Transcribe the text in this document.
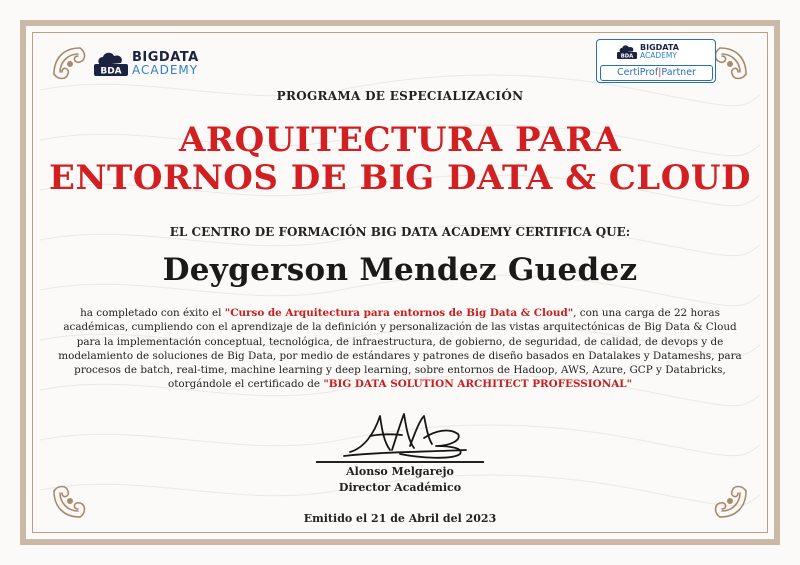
BDA
BIGDATA
ACADEMY
BDA
BIGDATA
ACADEMY
CertiProf|Partner
PROGRAMA DE ESPECIALIZACIÓN
ARQUITECTURA PARA
ENTORNOS DE BIG DATA & CLOUD
EL CENTRO DE FORMACIÓN BIG DATA ACADEMY CERTIFICA QUE:
Deygerson Mendez Guedez
ha completado con éxito el "Curso de Arquitectura para entornos de Big Data & Cloud", con una carga de 22 horas académicas, cumpliendo con el aprendizaje de la definición y personalización de las vistas arquitectónicas de Big Data & Cloud para la implementación conceptual, tecnológica, de infraestructura, de gobierno, de seguridad, de calidad, de devops y de modelamiento de soluciones de Big Data, por medio de estándares y patrones de diseño basados en Datalakes y Datameshs, para procesos de batch, real-time, machine learning y deep learning, sobre entornos de Hadoop, AWS, Azure, GCP y Databricks, otorgándole el certificado de "BIG DATA SOLUTION ARCHITECT PROFESSIONAL"
Alonso Melgarejo
Director Académico
Emitido el 21 de Abril del 2023
